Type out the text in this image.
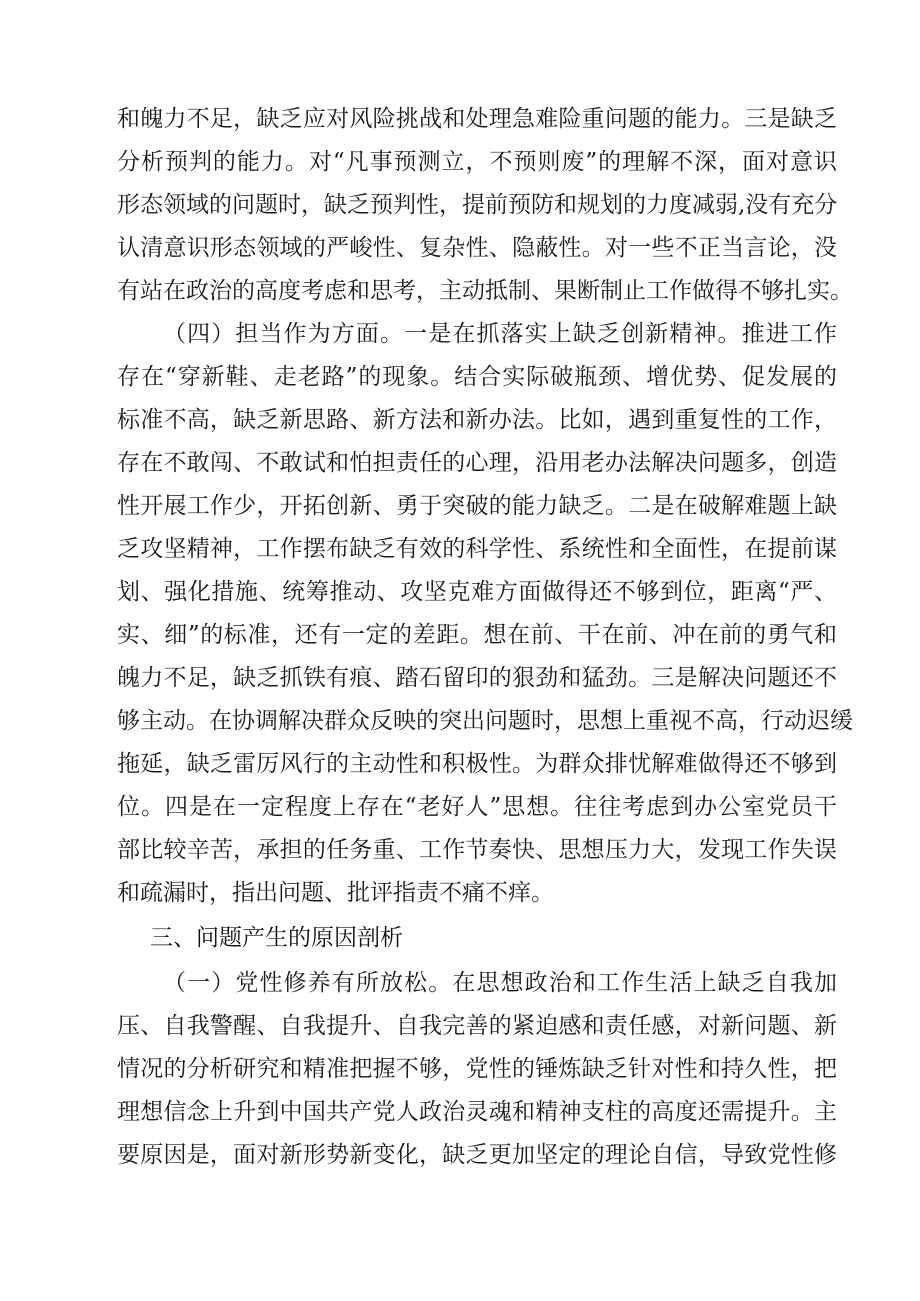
和魄力不足，缺乏应对风险挑战和处理急难险重问题的能力。三是缺乏
分析预判的能力。对“凡事预测立，不预则废”的理解不深，面对意识
形态领域的问题时，缺乏预判性，提前预防和规划的力度减弱,没有充分
认清意识形态领域的严峻性、复杂性、隐蔽性。对一些不正当言论，没
有站在政治的高度考虑和思考，主动抵制、果断制止工作做得不够扎实。
（四）担当作为方面。一是在抓落实上缺乏创新精神。推进工作
存在“穿新鞋、走老路”的现象。结合实际破瓶颈、增优势、促发展的
标准不高，缺乏新思路、新方法和新办法。比如，遇到重复性的工作，
存在不敢闯、不敢试和怕担责任的心理，沿用老办法解决问题多，创造
性开展工作少，开拓创新、勇于突破的能力缺乏。二是在破解难题上缺
乏攻坚精神，工作摆布缺乏有效的科学性、系统性和全面性，在提前谋
划、强化措施、统筹推动、攻坚克难方面做得还不够到位，距离“严、
实、细”的标准，还有一定的差距。想在前、干在前、冲在前的勇气和
魄力不足，缺乏抓铁有痕、踏石留印的狠劲和猛劲。三是解决问题还不
够主动。在协调解决群众反映的突出问题时，思想上重视不高，行动迟缓
拖延，缺乏雷厉风行的主动性和积极性。为群众排忧解难做得还不够到
位。四是在一定程度上存在“老好人”思想。往往考虑到办公室党员干
部比较辛苦，承担的任务重、工作节奏快、思想压力大，发现工作失误
和疏漏时，指出问题、批评指责不痛不痒。
三、问题产生的原因剖析
（一）党性修养有所放松。在思想政治和工作生活上缺乏自我加
压、自我警醒、自我提升、自我完善的紧迫感和责任感，对新问题、新
情况的分析研究和精准把握不够，党性的锤炼缺乏针对性和持久性，把
理想信念上升到中国共产党人政治灵魂和精神支柱的高度还需提升。主
要原因是，面对新形势新变化，缺乏更加坚定的理论自信，导致党性修
